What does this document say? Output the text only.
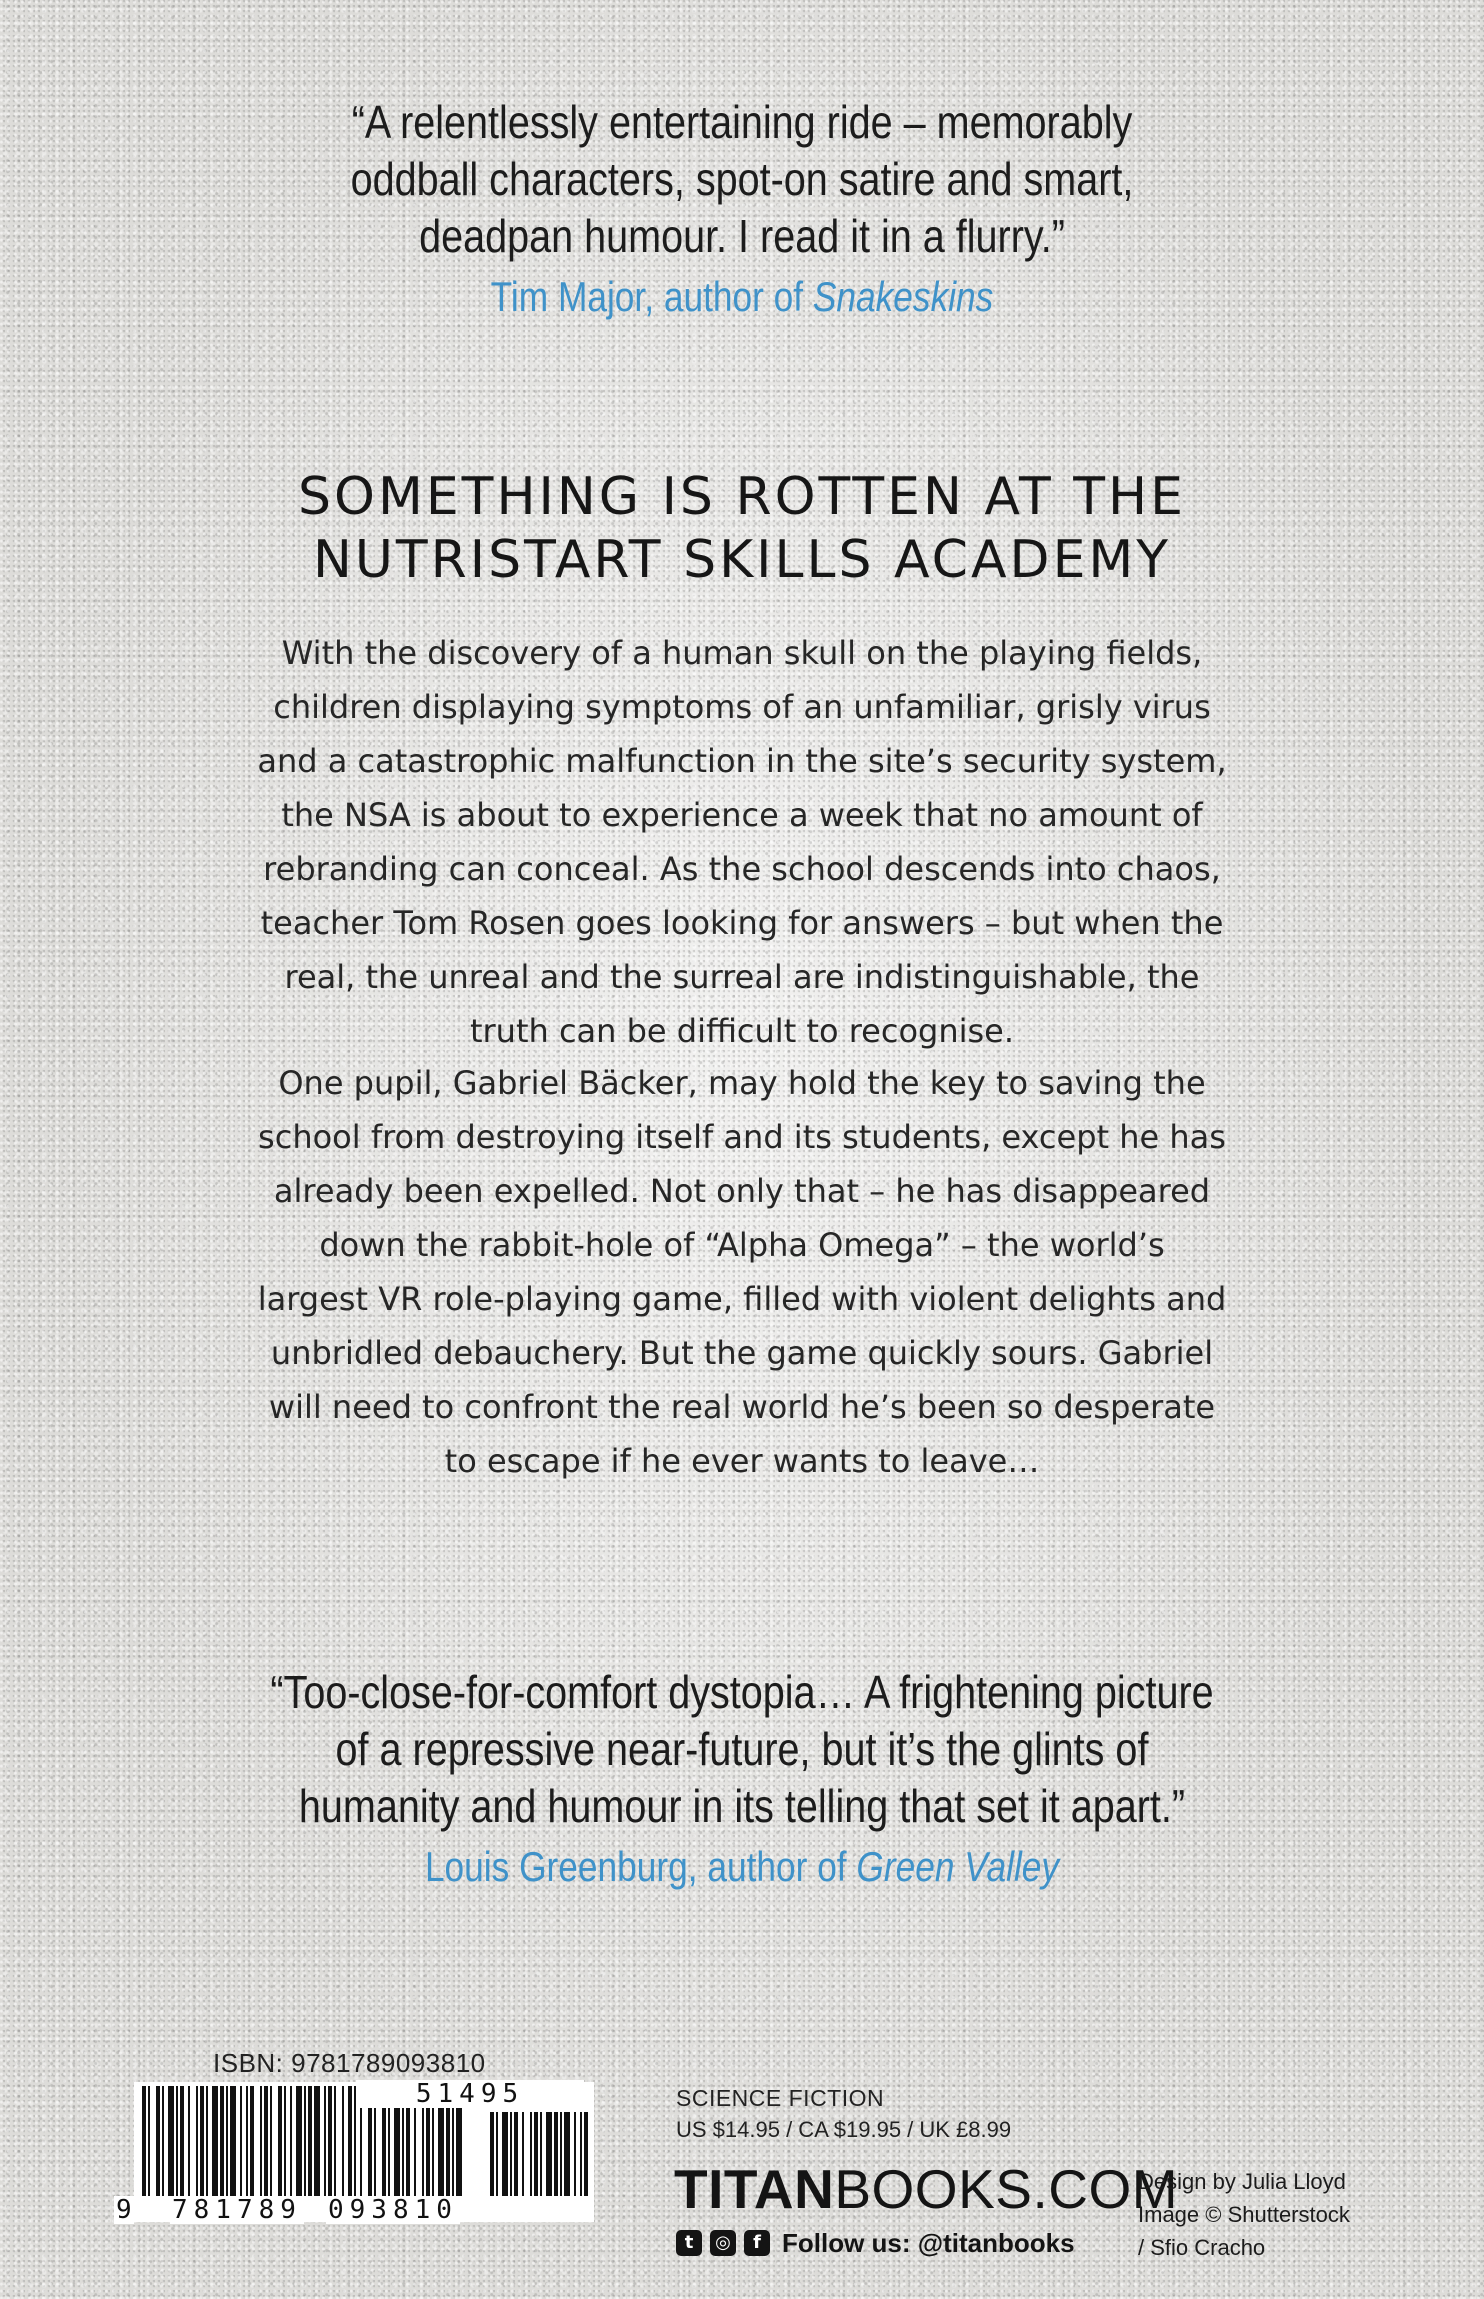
“A relentlessly entertaining ride – memorably

oddball characters, spot-on satire and smart,

deadpan humour. I read it in a flurry.”

Tim Major, author of Snakeskins

SOMETHING IS ROTTEN AT THE
NUTRISTART SKILLS ACADEMY

With the discovery of a human skull on the playing fields,
children displaying symptoms of an unfamiliar, grisly virus
and a catastrophic malfunction in the site’s security system,
the NSA is about to experience a week that no amount of
rebranding can conceal. As the school descends into chaos,
teacher Tom Rosen goes looking for answers – but when the
real, the unreal and the surreal are indistinguishable, the
truth can be difficult to recognise.

One pupil, Gabriel Bäcker, may hold the key to saving the
school from destroying itself and its students, except he has
already been expelled. Not only that – he has disappeared
down the rabbit-hole of “Alpha Omega” – the world’s
largest VR role-playing game, filled with violent delights and
unbridled debauchery. But the game quickly sours. Gabriel
will need to confront the real world he’s been so desperate
to escape if he ever wants to leave…

“Too-close-for-comfort dystopia… A frightening picture

of a repressive near-future, but it’s the glints of

humanity and humour in its telling that set it apart.”

Louis Greenburg, author of Green Valley

ISBN: 9781789093810
51495
9 781789 093810
SCIENCE FICTION
US $14.95 / CA $19.95 / UK £8.99
TITANBOOKS.COM
t	◎	f Follow us: @titanbooks
Design by Julia Lloyd
Image © Shutterstock
/ Sfio Cracho
